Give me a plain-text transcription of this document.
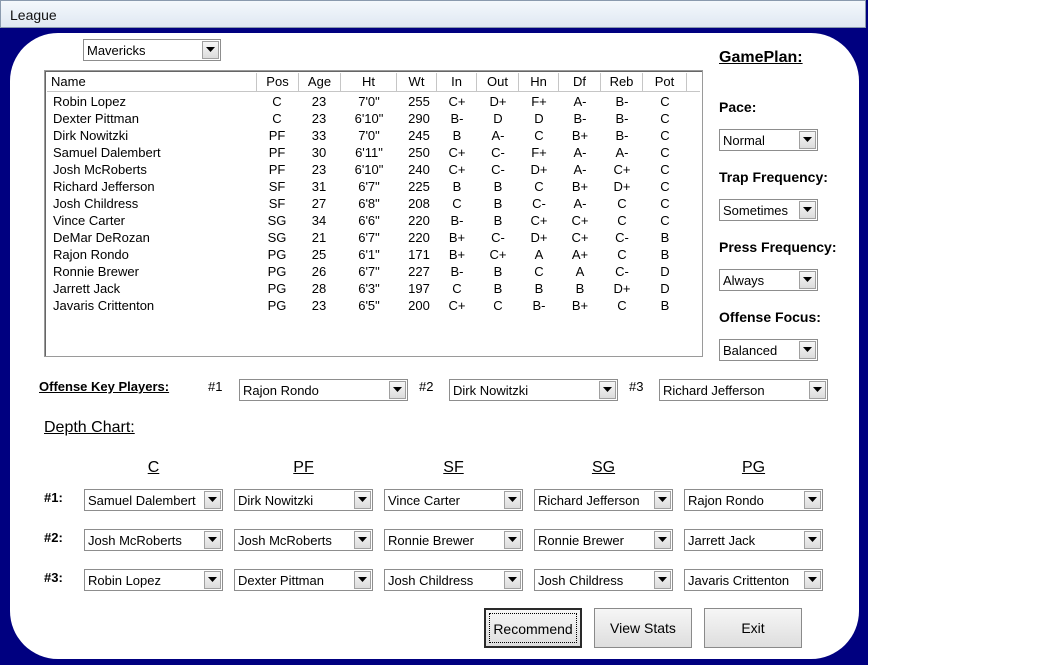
League
Mavericks
Name	Pos	Age	Ht	Wt	In	Out	Hn	Df	Reb	Pot
Robin Lopez	C	23	7'0"	255	C+	D+	F+	A-	B-	C
Dexter Pittman	C	23	6'10"	290	B-	D	D	B-	B-	C
Dirk Nowitzki	PF	33	7'0"	245	B	A-	C	B+	B-	C
Samuel Dalembert	PF	30	6'11"	250	C+	C-	F+	A-	A-	C
Josh McRoberts	PF	23	6'10"	240	C+	C-	D+	A-	C+	C
Richard Jefferson	SF	31	6'7"	225	B	B	C	B+	D+	C
Josh Childress	SF	27	6'8"	208	C	B	C-	A-	C	C
Vince Carter	SG	34	6'6"	220	B-	B	C+	C+	C	C
DeMar DeRozan	SG	21	6'7"	220	B+	C-	D+	C+	C-	B
Rajon Rondo	PG	25	6'1"	171	B+	C+	A	A+	C	B
Ronnie Brewer	PG	26	6'7"	227	B-	B	C	A	C-	D
Jarrett Jack	PG	28	6'3"	197	C	B	B	B	D+	D
Javaris Crittenton	PG	23	6'5"	200	C+	C	B-	B+	C	B
GamePlan:
Pace:
Normal
Trap Frequency:
Sometimes
Press Frequency:
Always
Offense Focus:
Balanced
Offense Key Players:	#1 Rajon Rondo	#2 Dirk Nowitzki	#3 Richard Jefferson
Depth Chart:
C	PF	SF	SG	PG
#1: Samuel Dalembert	Dirk Nowitzki	Vince Carter	Richard Jefferson	Rajon Rondo
#2: Josh McRoberts	Josh McRoberts	Ronnie Brewer	Ronnie Brewer	Jarrett Jack
#3: Robin Lopez	Dexter Pittman	Josh Childress	Josh Childress	Javaris Crittenton
Recommend	View Stats	Exit
